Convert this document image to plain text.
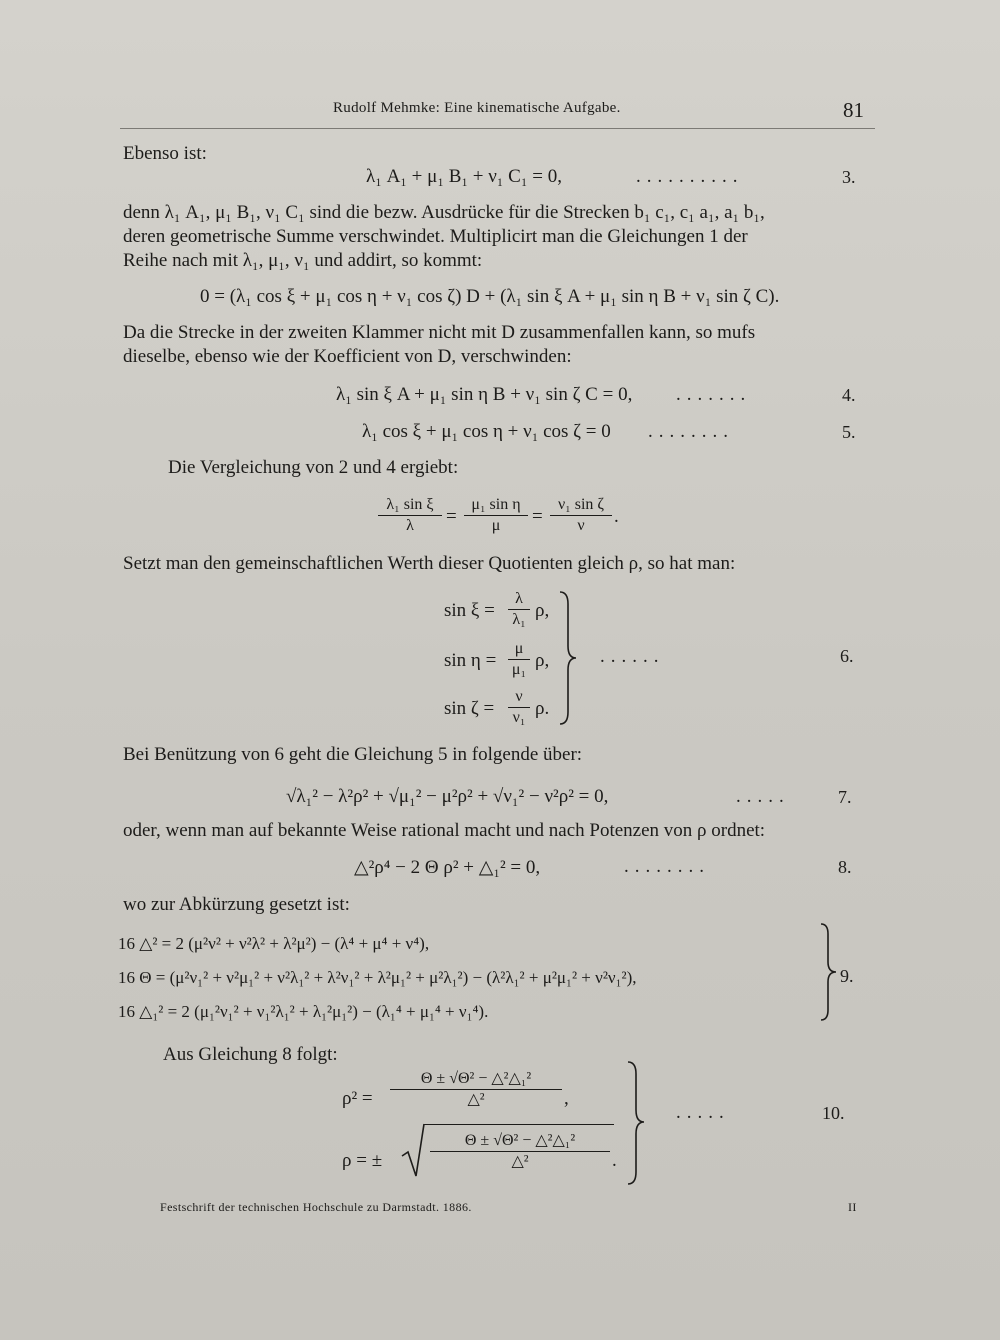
Rudolf Mehmke: Eine kinematische Aufgabe.	81
Ebenso ist:
λ₁ A₁ + μ₁ B₁ + ν₁ C₁ = 0,	..........	3.
denn λ₁ A₁, μ₁ B₁, ν₁ C₁ sind die bezw. Ausdrücke für die Strecken b₁ c₁, c₁ a₁, a₁ b₁,
deren geometrische Summe verschwindet. Multiplicirt man die Gleichungen 1 der
Reihe nach mit λ₁, μ₁, ν₁ und addirt, so kommt:
0 = (λ₁ cos ξ + μ₁ cos η + ν₁ cos ζ) D + (λ₁ sin ξ A + μ₁ sin η B + ν₁ sin ζ C).
Da die Strecke in der zweiten Klammer nicht mit D zusammenfallen kann, so mufs
dieselbe, ebenso wie der Koefficient von D, verschwinden:
λ₁ sin ξ A + μ₁ sin η B + ν₁ sin ζ C = 0, .......	4.
λ₁ cos ξ + μ₁ cos η + ν₁ cos ζ = 0 ........	5.
Die Vergleichung von 2 und 4 ergiebt:
λ₁ sin ξ
λ	=
μ₁ sin η
μ	=
ν₁ sin ζ
ν	.
Setzt man den gemeinschaftlichen Werth dieser Quotienten gleich ρ, so hat man:
sin ξ =
λ
λ₁ ρ,
sin η =
μ
μ₁ ρ,
sin ζ =
ν
ν₁ ρ.
......	6.
Bei Benützung von 6 geht die Gleichung 5 in folgende über:
√λ₁² − λ²ρ² + √μ₁² − μ²ρ² + √ν₁² − ν²ρ² = 0,	.....	7.
oder, wenn man auf bekannte Weise rational macht und nach Potenzen von ρ ordnet:
△²ρ⁴ − 2 Θ ρ² + △₁² = 0,	........	8.
wo zur Abkürzung gesetzt ist:
16 △² = 2 (μ²ν² + ν²λ² + λ²μ²) − (λ⁴ + μ⁴ + ν⁴),
16 Θ = (μ²ν₁² + ν²μ₁² + ν²λ₁² + λ²ν₁² + λ²μ₁² + μ²λ₁²) − (λ²λ₁² + μ²μ₁² + ν²ν₁²),
16 △₁² = 2 (μ₁²ν₁² + ν₁²λ₁² + λ₁²μ₁²) − (λ₁⁴ + μ₁⁴ + ν₁⁴).
9.
Aus Gleichung 8 folgt:
ρ² =
Θ ± √Θ² − △²△₁²
△²	,
ρ = ±
Θ ± √Θ² − △²△₁²
△²	.
.....	10.
Festschrift der technischen Hochschule zu Darmstadt. 1886.	II
